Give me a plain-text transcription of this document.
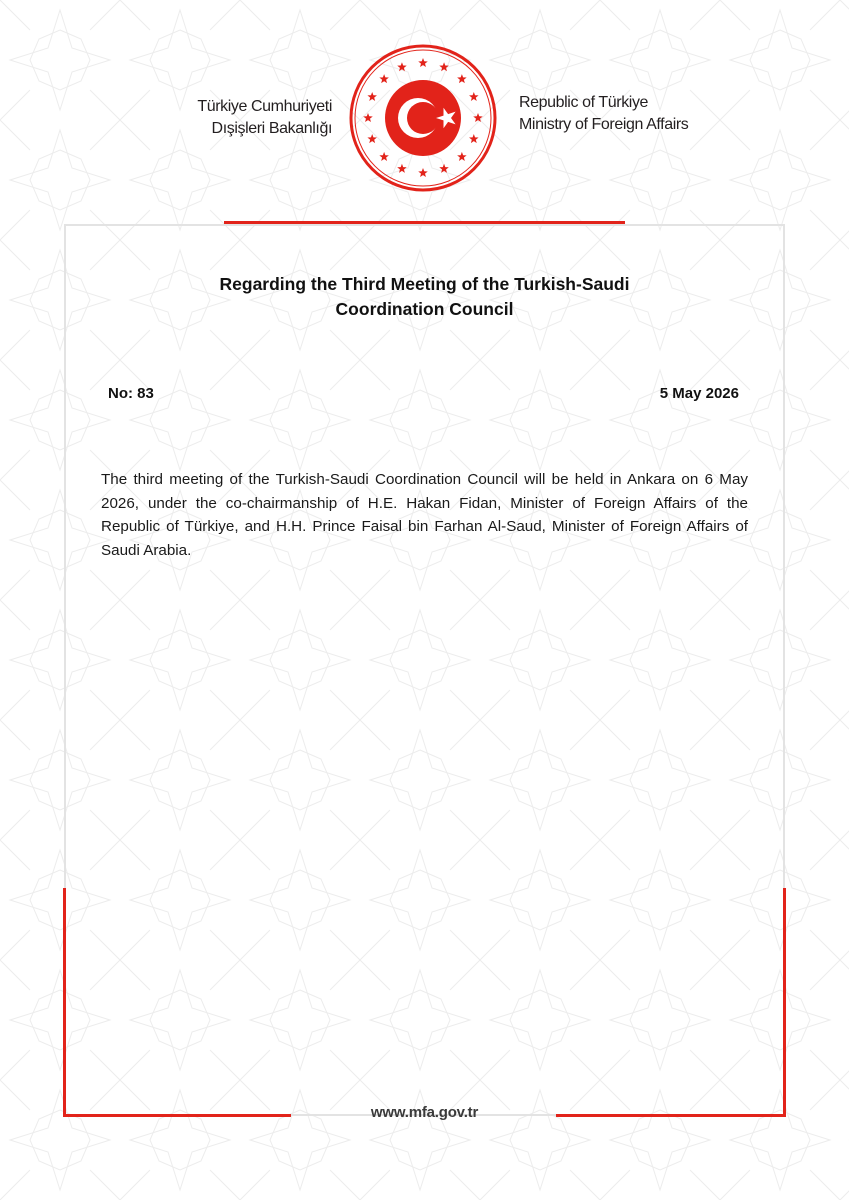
Türkiye Cumhuriyeti
Dışişleri Bakanlığı
Republic of Türkiye
Ministry of Foreign Affairs
Regarding the Third Meeting of the Turkish-Saudi
Coordination Council
No: 83	5 May 2026
The third meeting of the Turkish-Saudi Coordination Council will be held in Ankara on 6 May 2026, under the co-chairmanship of H.E. Hakan Fidan, Minister of Foreign Affairs of the Republic of Türkiye, and H.H. Prince Faisal bin Farhan Al-Saud, Minister of Foreign Affairs of Saudi Arabia.
www.mfa.gov.tr
